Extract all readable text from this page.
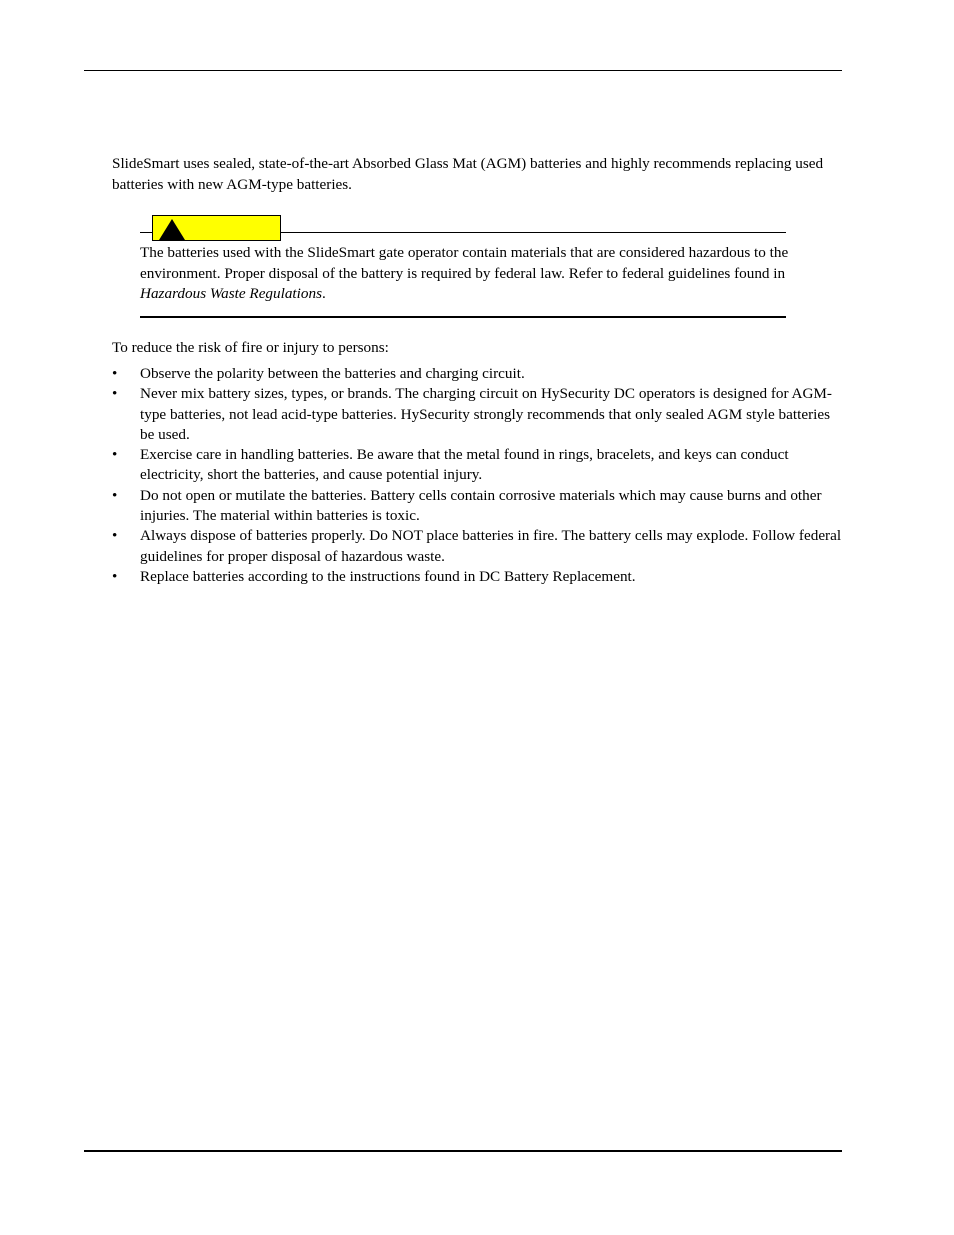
SlideSmart uses sealed, state-of-the-art Absorbed Glass Mat (AGM) batteries and highly recommends replacing used batteries with new AGM-type batteries.

The batteries used with the SlideSmart gate operator contain materials that are considered hazardous to the environment. Proper disposal of the battery is required by federal law. Refer to federal guidelines found in Hazardous Waste Regulations.

To reduce the risk of fire or injury to persons:

• Observe the polarity between the batteries and charging circuit.
• Never mix battery sizes, types, or brands. The charging circuit on HySecurity DC operators is designed for AGM-type batteries, not lead acid-type batteries. HySecurity strongly recommends that only sealed AGM style batteries be used.
• Exercise care in handling batteries. Be aware that the metal found in rings, bracelets, and keys can conduct electricity, short the batteries, and cause potential injury.
• Do not open or mutilate the batteries. Battery cells contain corrosive materials which may cause burns and other injuries. The material within batteries is toxic.
• Always dispose of batteries properly. Do NOT place batteries in fire. The battery cells may explode. Follow federal guidelines for proper disposal of hazardous waste.
• Replace batteries according to the instructions found in DC Battery Replacement.
